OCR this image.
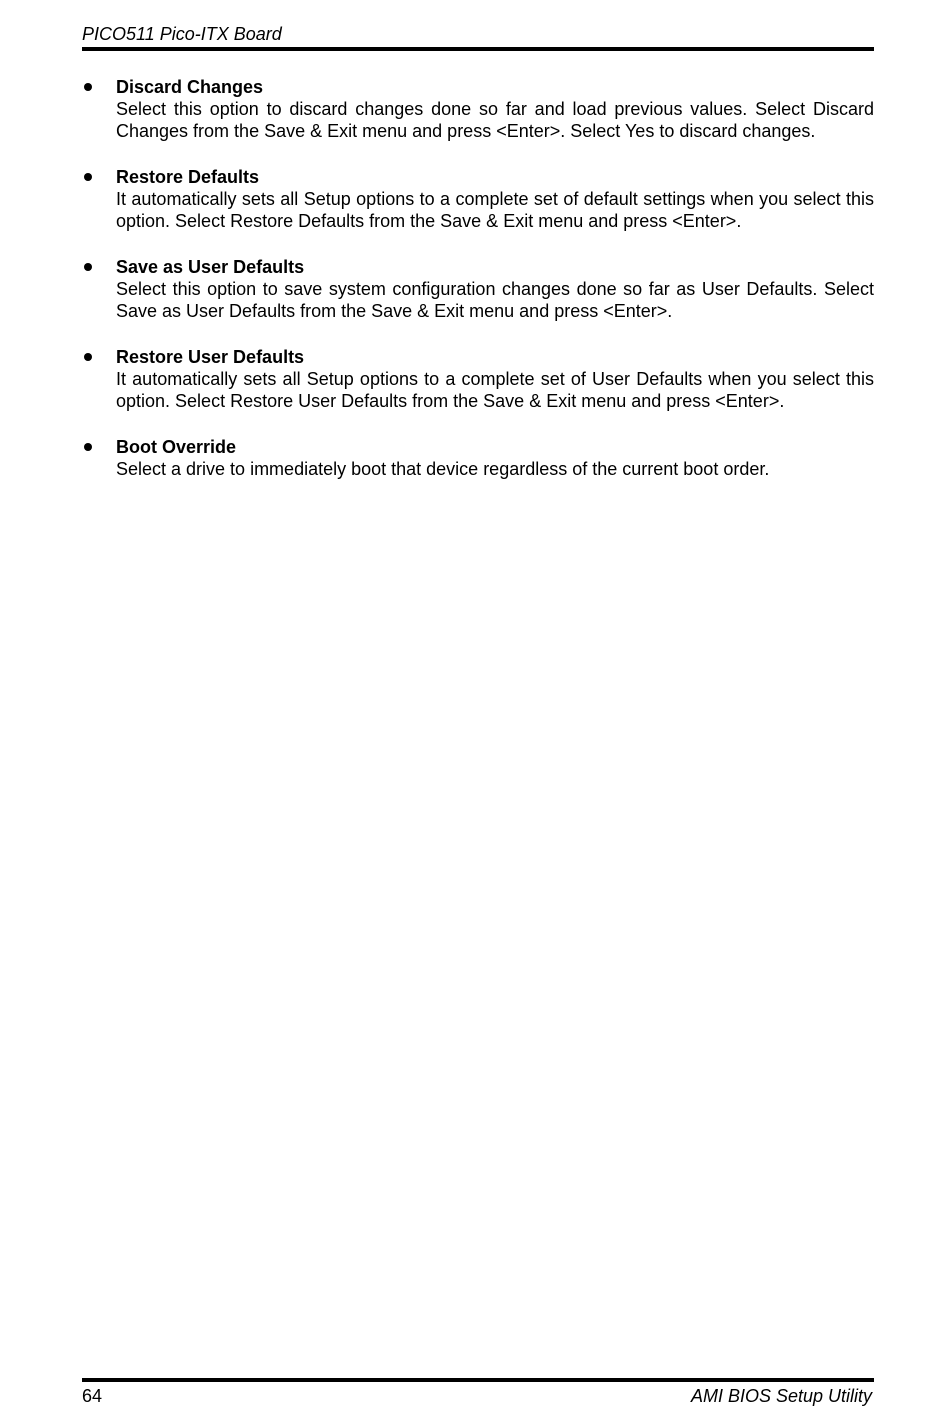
PICO511 Pico-ITX Board
Discard Changes
Select this option to discard changes done so far and load previous values. Select Discard Changes from the Save & Exit menu and press <Enter>. Select Yes to discard changes.
Restore Defaults
It automatically sets all Setup options to a complete set of default settings when you select this option. Select Restore Defaults from the Save & Exit menu and press <Enter>.
Save as User Defaults
Select this option to save system configuration changes done so far as User Defaults. Select Save as User Defaults from the Save & Exit menu and press <Enter>.
Restore User Defaults
It automatically sets all Setup options to a complete set of User Defaults when you select this option. Select Restore User Defaults from the Save & Exit menu and press <Enter>.
Boot Override
Select a drive to immediately boot that device regardless of the current boot order.
64	AMI BIOS Setup Utility
